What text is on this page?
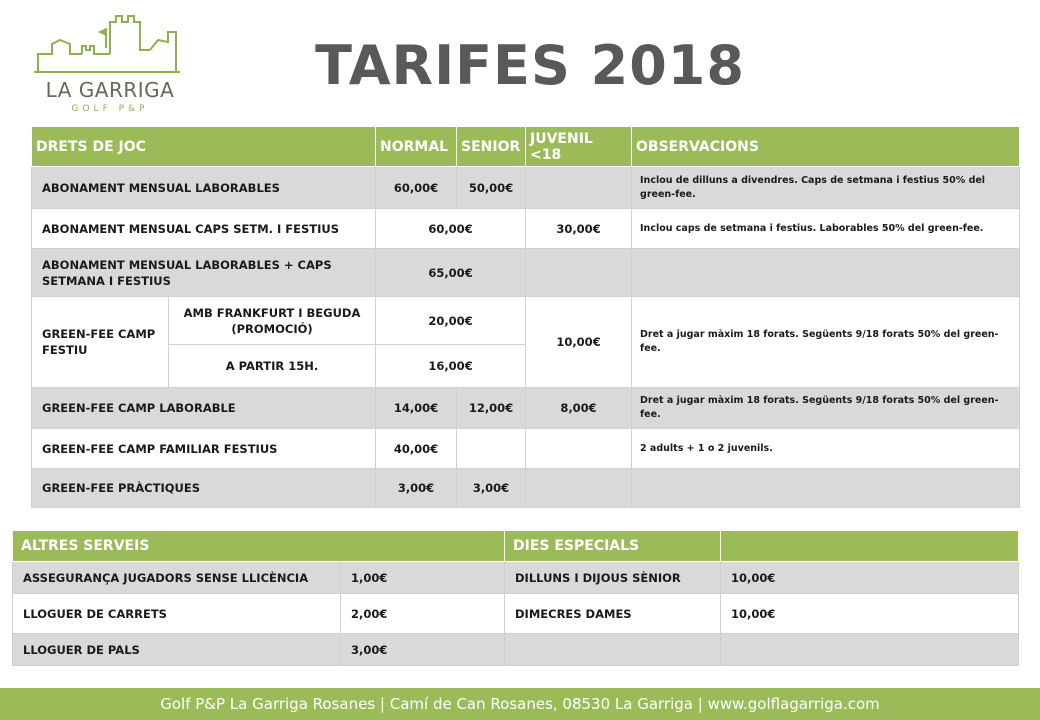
LA GARRIGA
GOLF P&P
TARIFES 2018
DRETS DE JOC		NORMAL	SENIOR	JUVENIL <18	OBSERVACIONS
ABONAMENT MENSUAL LABORABLES		60,00€	50,00€		Inclou de dilluns a divendres. Caps de setmana i festius 50% del green-fee.
ABONAMENT MENSUAL CAPS SETM. I FESTIUS		60,00€		30,00€	Inclou caps de setmana i festius. Laborables 50% del green-fee.
ABONAMENT MENSUAL LABORABLES + CAPS SETMANA I FESTIUS		65,00€			
GREEN-FEE CAMP FESTIU	AMB FRANKFURT I BEGUDA (PROMOCIÓ)	20,00€		10,00€	Dret a jugar màxim 18 forats. Següents 9/18 forats 50% del green-fee.
	A PARTIR 15H.	16,00€			
GREEN-FEE CAMP LABORABLE		14,00€	12,00€	8,00€	Dret a jugar màxim 18 forats. Següents 9/18 forats 50% del green-fee.
GREEN-FEE CAMP FAMILIAR FESTIUS		40,00€			2 adults + 1 o 2 juvenils.
GREEN-FEE PRÀCTIQUES		3,00€	3,00€		
ALTRES SERVEIS		DIES ESPECIALS	
ASSEGURANÇA JUGADORS SENSE LLICÈNCIA	1,00€	DILLUNS I DIJOUS SÈNIOR	10,00€
LLOGUER DE CARRETS	2,00€	DIMECRES DAMES	10,00€
LLOGUER DE PALS	3,00€		
Golf P&P La Garriga Rosanes | Camí de Can Rosanes, 08530 La Garriga | www.golflagarriga.com
